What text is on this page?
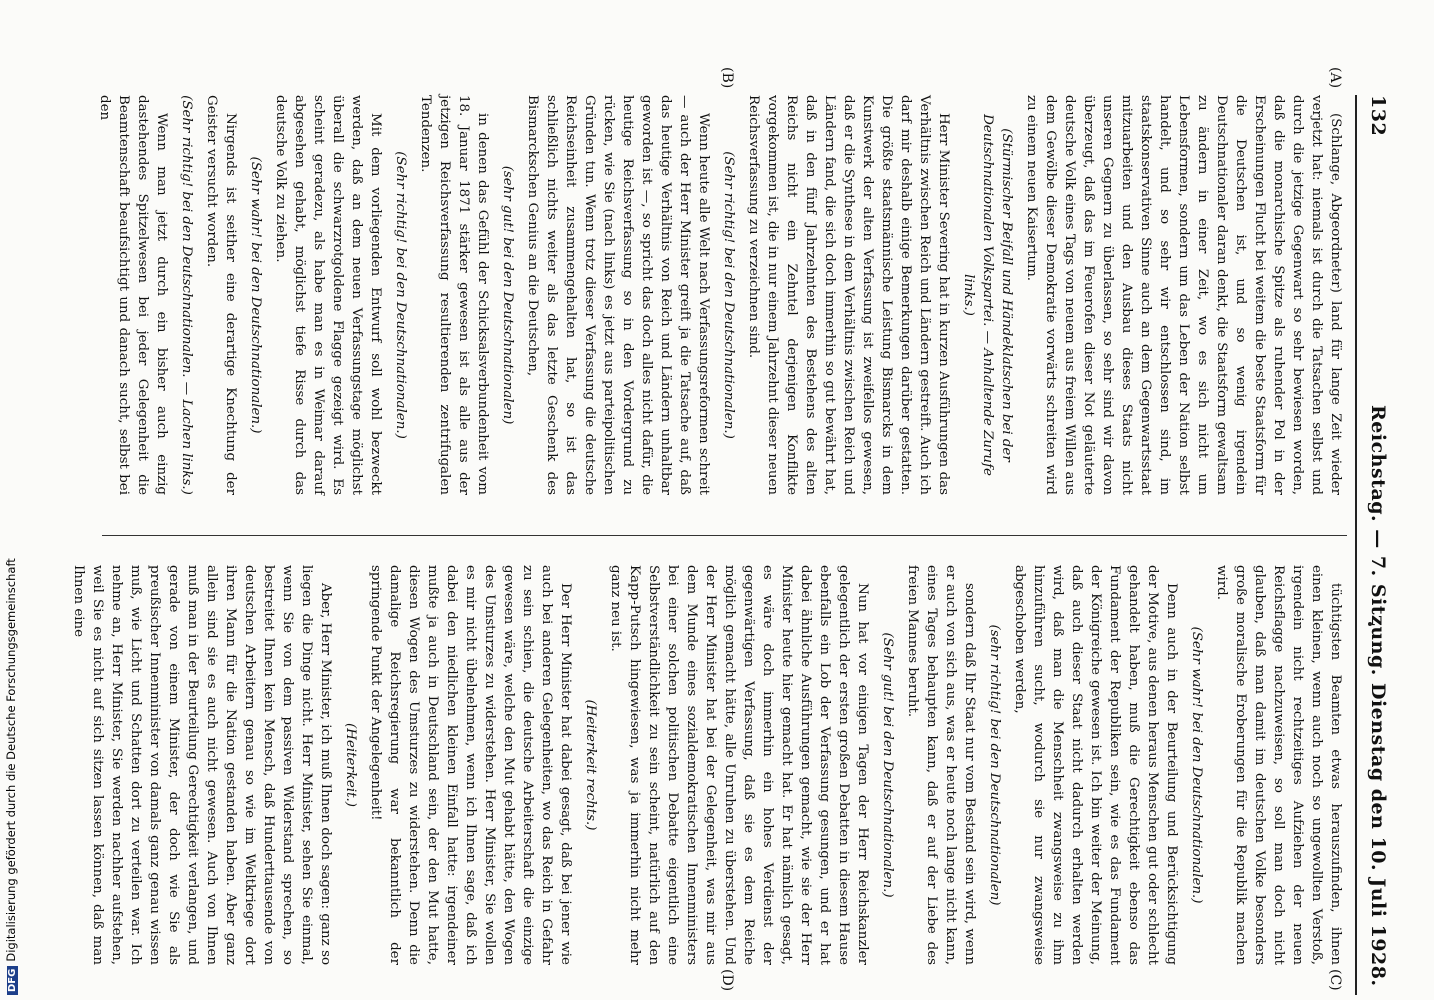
132
Reichstag. — 7. Sitzung. Dienstag den 10. Juli 1928.
(A)
(B)
(C)
(D)

(Schlange, Abgeordneter) land für lange Zeit wieder verjetzt hat: niemals ist durch die Tatsachen selbst und durch die jetzige Gegenwart so sehr bewiesen worden, daß die monarchische Spitze als ruhender Pol in der Erscheinungen Flucht bei weitem die beste Staatsform für die Deutschen ist, und so wenig irgendein Deutschnationaler daran denkt, die Staatsform gewaltsam zu ändern in einer Zeit, wo es sich nicht um Lebensformen, sondern um das Leben der Nation selbst handelt, und so sehr wir entschlossen sind, im staatskonservativen Sinne auch an dem Gegenwartsstaat mitzuarbeiten und den Ausbau dieses Staats nicht unseren Gegnern zu überlassen, so sehr sind wir davon überzeugt, daß das im Feuerofen dieser Not geläuterte deutsche Volk eines Tags von neuem aus freiem Willen aus dem Gewölbe dieser Demokratie vorwärts schreiten wird zu einem neuen Kaisertum.

(Stürmischer Beifall und Händeklatschen bei der Deutschnationalen Volkspartei. — Anhaltende Zurufe links.)

Herr Minister Severing hat in kurzen Ausführungen das Verhältnis zwischen Reich und Ländern gestreift. Auch ich darf mir deshalb einige Bemerkungen darüber gestatten. Die größte staatsmännische Leistung Bismarcks in dem Kunstwerk der alten Verfassung ist zweifellos gewesen, daß er die Synthese in dem Verhältnis zwischen Reich und Ländern fand, die sich doch immerhin so gut bewährt hat, daß in den fünf Jahrzehnten des Bestehens des alten Reichs nicht ein Zehntel derjenigen Konflikte vorgekommen ist, die in nur einem Jahrzehnt dieser neuen Reichsverfassung zu verzeichnen sind.

(Sehr richtig! bei den Deutschnationalen.)

Wenn heute alle Welt nach Verfassungsreformen schreit — auch der Herr Minister greift ja die Tatsache auf, daß das heutige Verhältnis von Reich und Ländern unhaltbar geworden ist —, so spricht das doch alles nicht dafür, die heutige Reichsverfassung so in den Vordergrund zu rücken, wie Sie (nach links) es jetzt aus parteipolitischen Gründen tun. Wenn trotz dieser Verfassung die deutsche Reichseinheit zusammengehalten hat, so ist das schließlich nichts weiter als das letzte Geschenk des Bismarckschen Genius an die Deutschen,

(sehr gut! bei den Deutschnationalen)

in denen das Gefühl der Schicksalsverbundenheit vom 18. Januar 1871 stärker gewesen ist als alle aus der jetzigen Reichsverfassung resultierenden zentrifugalen Tendenzen.

(Sehr richtig! bei den Deutschnationalen.)

Mit dem vorliegenden Entwurf soll wohl bezweckt werden, daß an dem neuen Verfassungstage möglichst überall die schwarzrotgoldene Flagge gezeigt wird. Es scheint geradezu, als habe man es in Weimar darauf abgesehen gehabt, möglichst tiefe Risse durch das deutsche Volk zu ziehen.

(Sehr wahr! bei den Deutschnationalen.)

Nirgends ist seither eine derartige Knechtung der Geister versucht worden.

(Sehr richtig! bei den Deutschnationalen. — Lachen links.)

Wenn man jetzt durch ein bisher auch einzig dastehendes Spitzelwesen bei jeder Gelegenheit die Beamtenschaft beaufsichtigt und danach sucht, selbst bei den

tüchtigsten Beamten etwas herauszufinden, ihnen einen kleinen, wenn auch noch so ungewollten Verstoß, irgendein nicht rechtzeitiges Aufziehen der neuen Reichsflagge nachzuweisen, so soll man doch nicht glauben, daß man damit im deutschen Volke besonders große moralische Eroberungen für die Republik machen wird.

(Sehr wahr! bei den Deutschnationalen.)

Denn auch in der Beurteilung und Berücksichtigung der Motive, aus denen heraus Menschen gut oder schlecht gehandelt haben, muß die Gerechtigkeit ebenso das Fundament der Republiken sein, wie es das Fundament der Königreiche gewesen ist. Ich bin weiter der Meinung, daß auch dieser Staat nicht dadurch erhalten werden wird, daß man die Menschheit zwangsweise zu ihm hinzuführen sucht, wodurch sie nur zwangsweise abgeschoben werden,

(sehr richtig! bei den Deutschnationalen)

sondern daß Ihr Staat nur vom Bestand sein wird, wenn er auch von sich aus, was er heute noch lange nicht kann, eines Tages behaupten kann, daß er auf der Liebe des freien Mannes beruht.

(Sehr gut! bei den Deutschnationalen.)

Nun hat vor einigen Tagen der Herr Reichskanzler gelegentlich der ersten großen Debatten in diesem Hause ebenfalls ein Lob der Verfassung gesungen, und er hat dabei ähnliche Ausführungen gemacht, wie sie der Herr Minister heute hier gemacht hat. Er hat nämlich gesagt, es wäre doch immerhin ein hohes Verdienst der gegenwärtigen Verfassung, daß sie es dem Reiche möglich gemacht hätte, alle Unruhen zu überstehen. Und der Herr Minister hat bei der Gelegenheit, was mir aus dem Munde eines sozialdemokratischen Innenministers bei einer solchen politischen Debatte eigentlich eine Selbstverständlichkeit zu sein scheint, natürlich auf den Kapp-Putsch hingewiesen, was ja immerhin nicht mehr ganz neu ist.

(Heiterkeit rechts.)

Der Herr Minister hat dabei gesagt, daß bei jener wie auch bei anderen Gelegenheiten, wo das Reich in Gefahr zu sein schien, die deutsche Arbeiterschaft die einzige gewesen wäre, welche den Mut gehabt hätte, den Wogen des Umsturzes zu widerstehen. Herr Minister, Sie wollen es mir nicht übelnehmen, wenn ich Ihnen sage, daß ich dabei den niedlichen kleinen Einfall hatte: irgendeiner mußte ja auch in Deutschland sein, der den Mut hatte, diesen Wogen des Umsturzes zu widerstehen. Denn die damalige Reichsregierung war bekanntlich der springende Punkt der Angelegenheit!

(Heiterkeit.)

Aber, Herr Minister, ich muß Ihnen doch sagen: ganz so liegen die Dinge nicht. Herr Minister, sehen Sie einmal, wenn Sie von dem passiven Widerstand sprechen, so bestreitet Ihnen kein Mensch, daß Hunderttausende von deutschen Arbeitern genau so wie im Weltkriege dort ihren Mann für die Nation gestanden haben. Aber ganz allein sind sie es auch nicht gewesen. Auch von Ihnen muß man in der Beurteilung Gerechtigkeit verlangen, und gerade von einem Minister, der doch wie Sie als preußischer Innenminister von damals ganz genau wissen muß, wie Licht und Schatten dort zu verteilen war. Ich nehme an, Herr Minister, Sie werden nachher aufstehen, weil Sie es nicht auf sich sitzen lassen können, daß man Ihnen eine

DFGDigitalisierung gefördert durch die Deutsche Forschungsgemeinschaft
